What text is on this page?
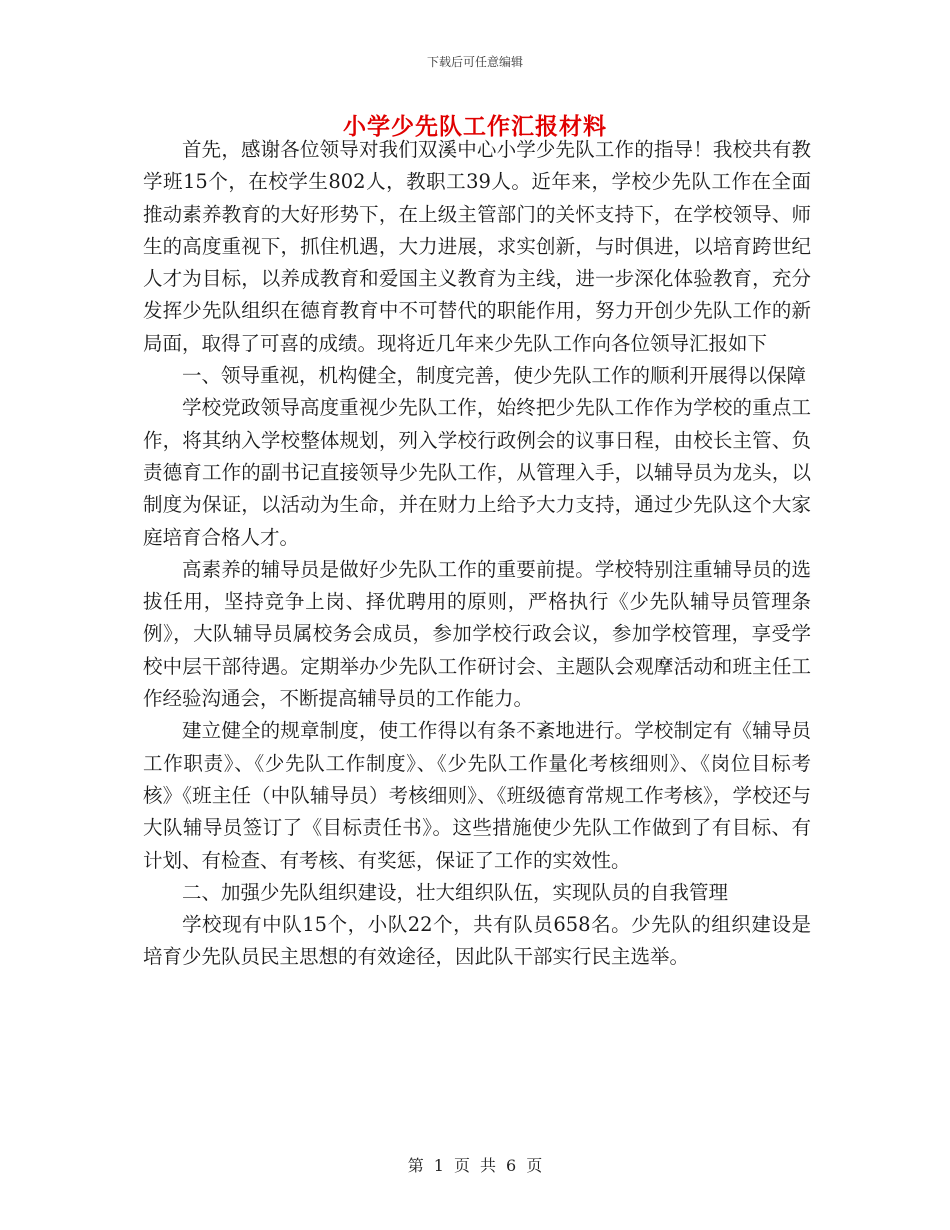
下载后可任意编辑
小学少先队工作汇报材料

首先，感谢各位领导对我们双溪中心小学少先队工作的指导！我校共有教学班15个，在校学生802人，教职工39人。近年来，学校少先队工作在全面推动素养教育的大好形势下，在上级主管部门的关怀支持下，在学校领导、师生的高度重视下，抓住机遇，大力进展，求实创新，与时俱进，以培育跨世纪人才为目标，以养成教育和爱国主义教育为主线，进一步深化体验教育，充分发挥少先队组织在德育教育中不可替代的职能作用，努力开创少先队工作的新局面，取得了可喜的成绩。现将近几年来少先队工作向各位领导汇报如下

一、领导重视，机构健全，制度完善，使少先队工作的顺利开展得以保障

学校党政领导高度重视少先队工作，始终把少先队工作作为学校的重点工作，将其纳入学校整体规划，列入学校行政例会的议事日程，由校长主管、负责德育工作的副书记直接领导少先队工作，从管理入手，以辅导员为龙头，以制度为保证，以活动为生命，并在财力上给予大力支持，通过少先队这个大家庭培育合格人才。

高素养的辅导员是做好少先队工作的重要前提。学校特别注重辅导员的选拔任用，坚持竞争上岗、择优聘用的原则，严格执行《少先队辅导员管理条例》，大队辅导员属校务会成员，参加学校行政会议，参加学校管理，享受学校中层干部待遇。定期举办少先队工作研讨会、主题队会观摩活动和班主任工作经验沟通会，不断提高辅导员的工作能力。

建立健全的规章制度，使工作得以有条不紊地进行。学校制定有《辅导员工作职责》、《少先队工作制度》、《少先队工作量化考核细则》、《岗位目标考核》《班主任（中队辅导员）考核细则》、《班级德育常规工作考核》，学校还与大队辅导员签订了《目标责任书》。这些措施使少先队工作做到了有目标、有计划、有检查、有考核、有奖惩，保证了工作的实效性。

二、加强少先队组织建设，壮大组织队伍，实现队员的自我管理

学校现有中队15个，小队22个，共有队员658名。少先队的组织建设是培育少先队员民主思想的有效途径，因此队干部实行民主选举。

第 1 页 共 6 页
